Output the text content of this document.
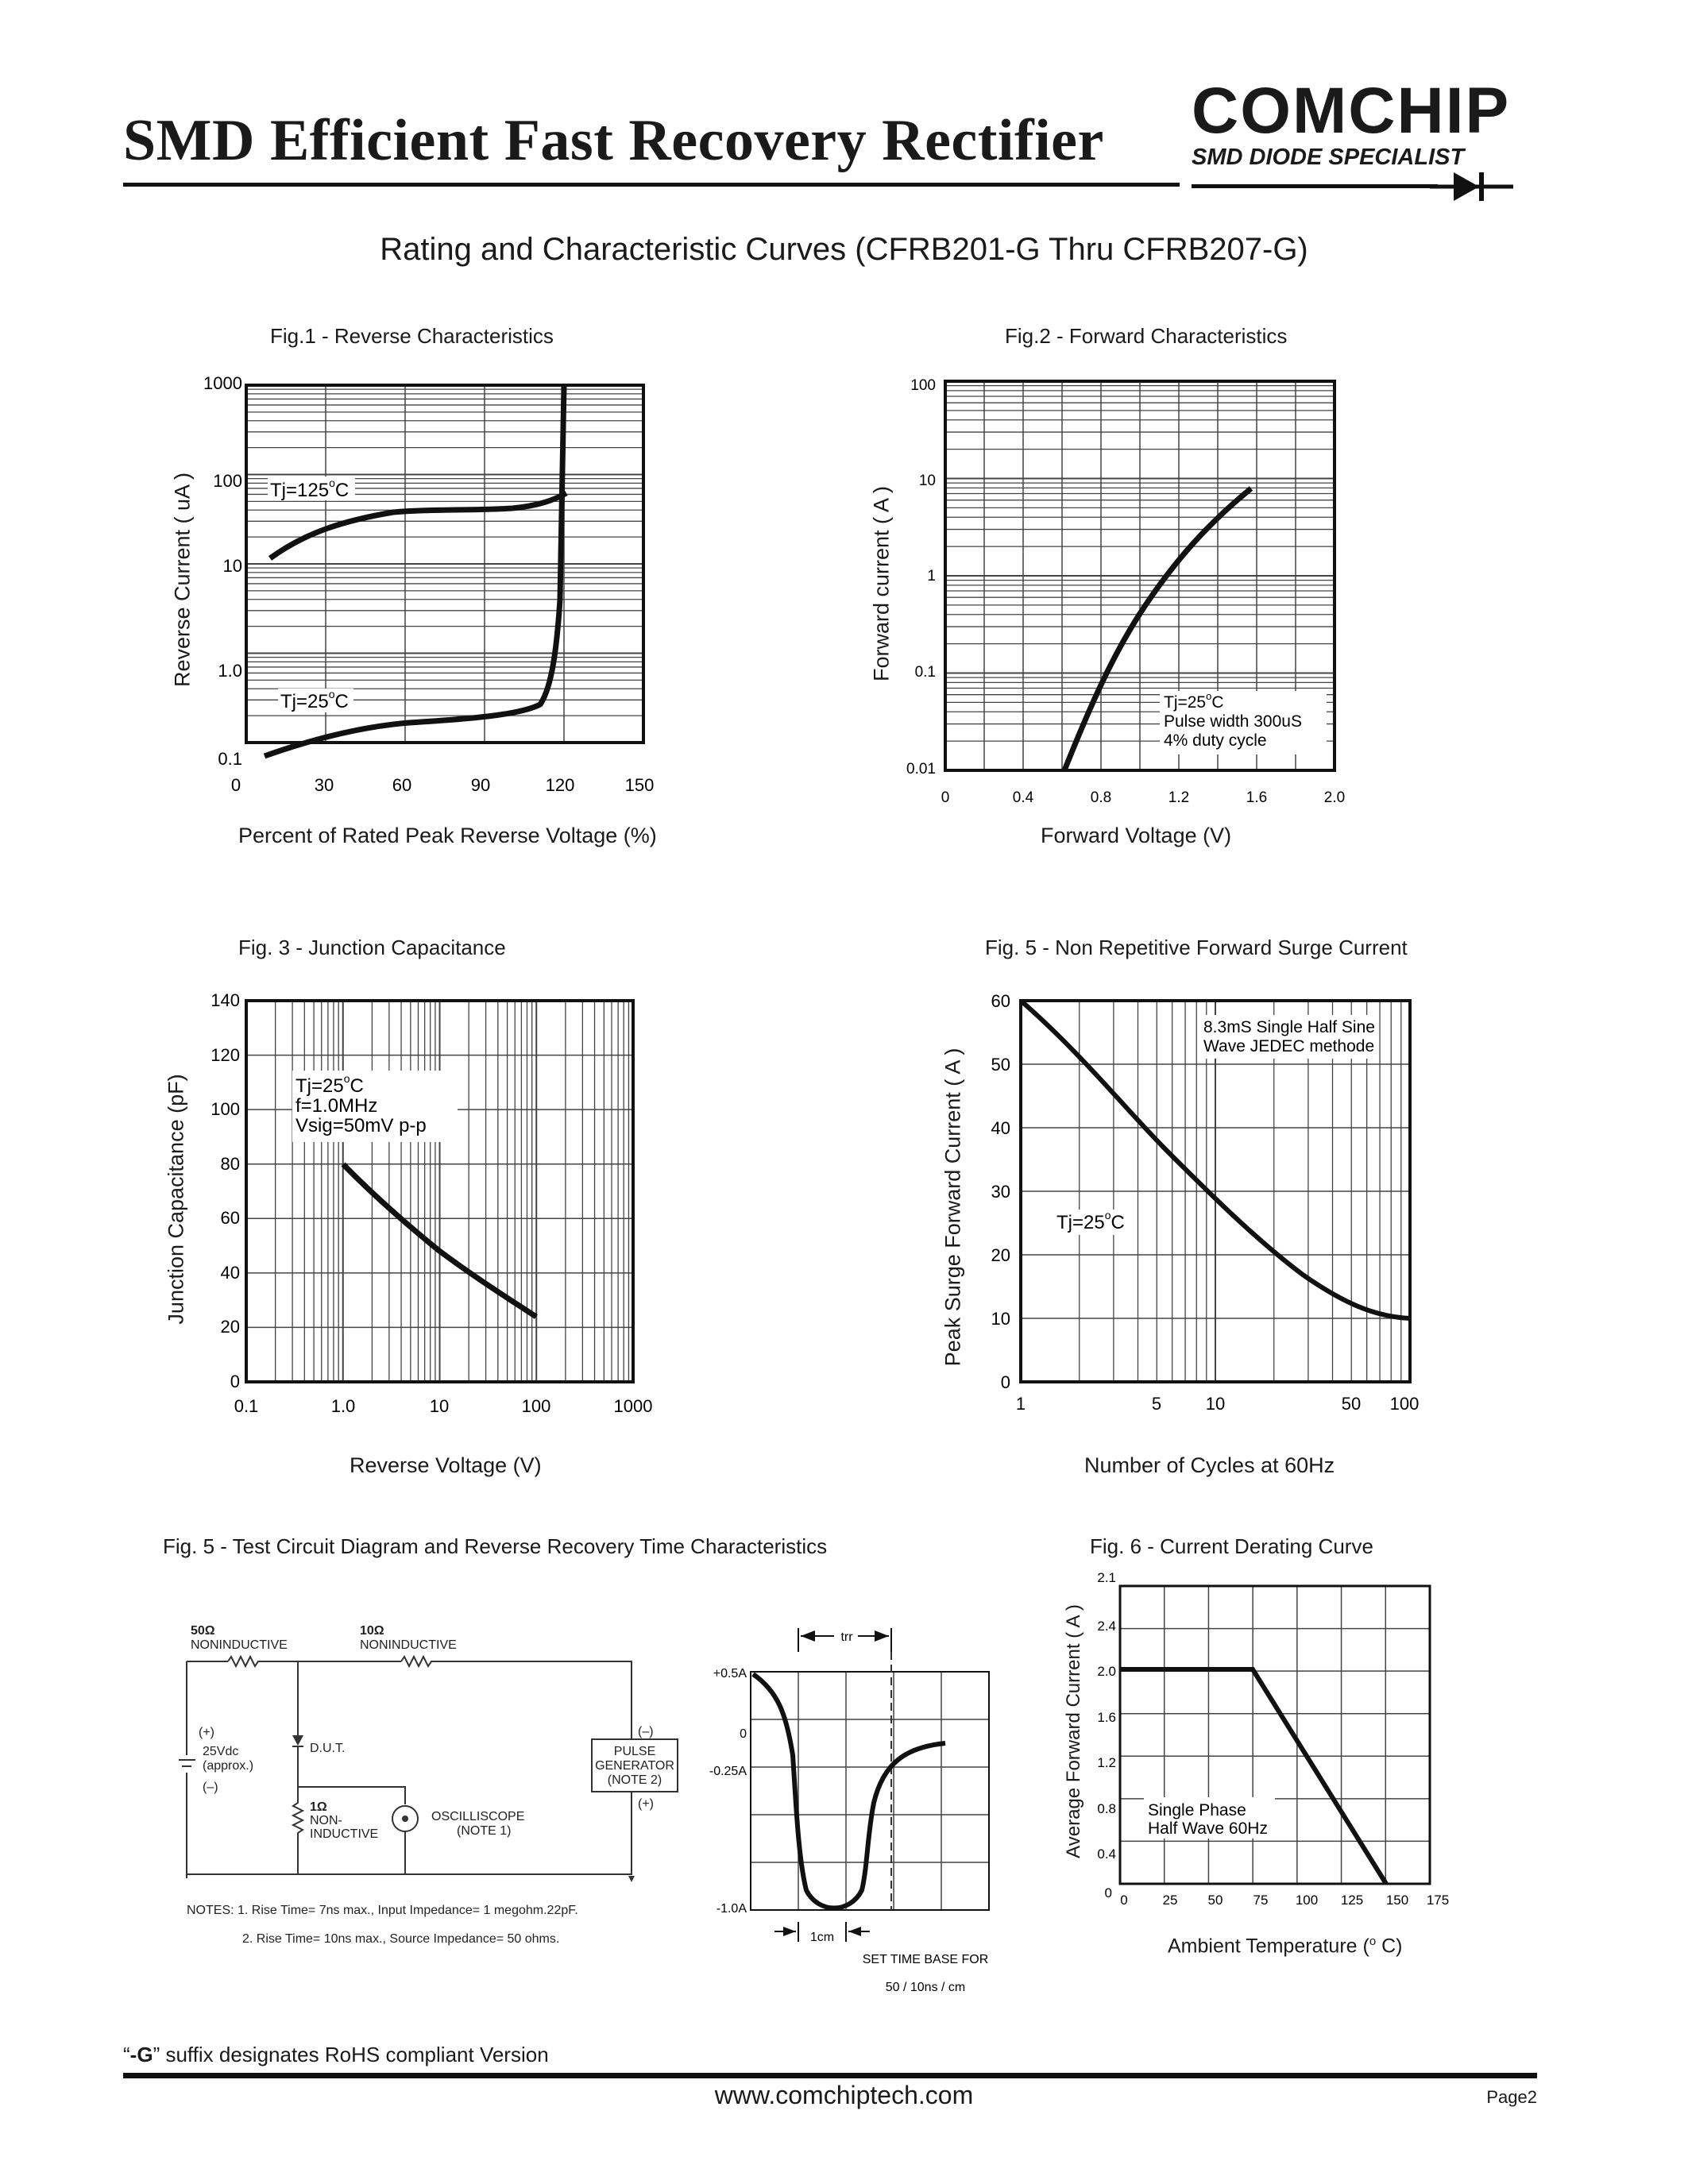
SMD Efficient Fast Recovery Rectifier COMCHIP
SMD DIODE SPECIALIST
Rating and Characteristic Curves (CFRB201-G Thru CFRB207-G)
Fig.1 - Reverse Characteristics
1000
100
10
1.0
0.1
0	30	60	90	120	150
$Tj=125^oC$
$Tj=25^oC$
Reverse Current ( uA )
Percent of Rated Peak Reverse Voltage (%)
Fig.2 - Forward Characteristics
100
10
1
0.1
0.01
0	0.4	0.8	1.2	1.6	2.0
$Tj=25^oC$
Pulse width 300uS
4% duty cycle
Forward current ( A )
Forward Voltage (V)
Fig. 3 - Junction Capacitance
140
120
100
80
60
40
20
0
0.1	1.0	10	100	1000
$Tj=25^oC$
f=1.0MHz
Vsig=50mV p-p
Junction Capacitance (pF)
Reverse Voltage (V)
Fig. 5 - Non Repetitive Forward Surge Current
60
50
40
30
20
10
0
1	5	10	50 100
8.3mS Single Half Sine
Wave JEDEC methode
$Tj=25^oC$
Peak Surge Forward Current ( A )
Number of Cycles at 60Hz
Fig. 5 - Test Circuit Diagram and Reverse Recovery Time Characteristics
50Ω
NONINDUCTIVE
10Ω
NONINDUCTIVE
(+)
25Vdc
(approx.)
(–)
D.U.T.
1Ω
NON-
INDUCTIVE
OSCILLISCOPE
(NOTE 1)
(–)
PULSE
GENERATOR
(NOTE 2)
(+)
NOTES: 1. Rise Time= 7ns max., Input Impedance= 1 megohm.22pF.
2. Rise Time= 10ns max., Source Impedance= 50 ohms.
trr
+0.5A
0
-0.25A
-1.0A
1cm
SET TIME BASE FOR
50 / 10ns / cm
Fig. 6 - Current Derating Curve
2.1
2.4
2.0
1.6
1.2
0.8
0.4
0 0	25 50 75 100 125 150 175
Single Phase
Half Wave 60Hz
Average Forward Current ( A )
Ambient Temperature ($^o$ C)
“-G” suffix designates RoHS compliant Version
www.comchiptech.com	Page2
